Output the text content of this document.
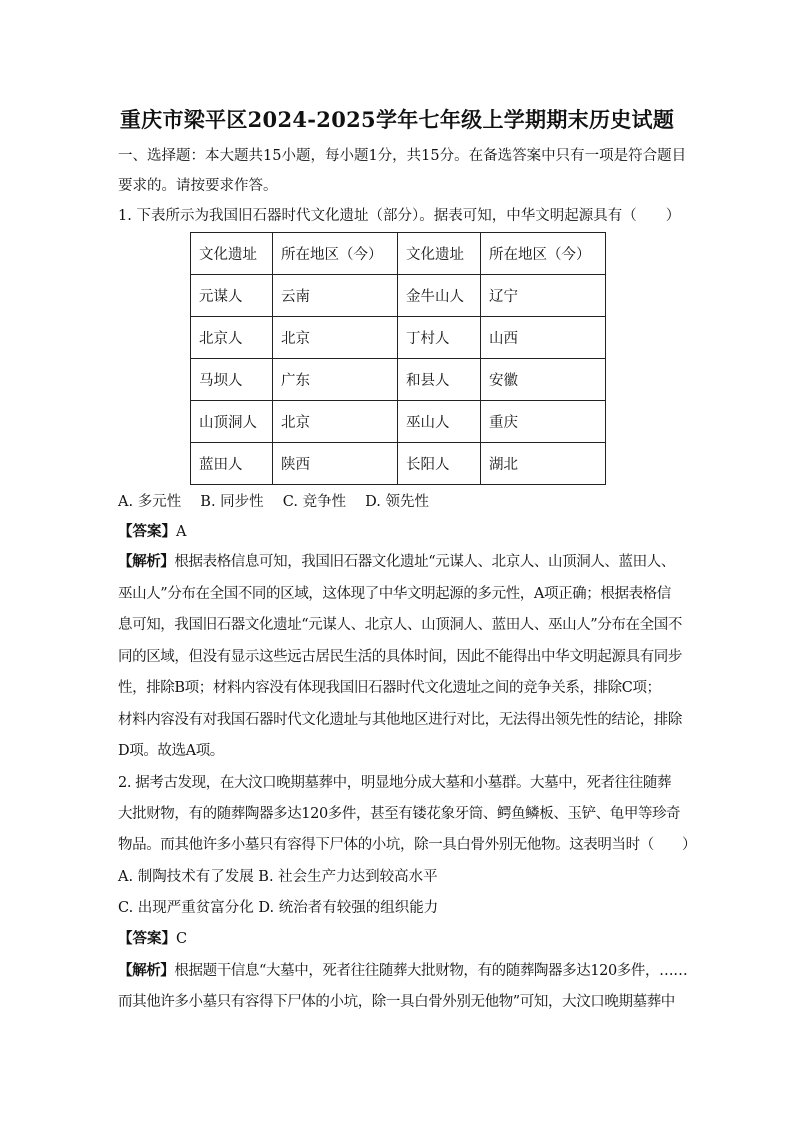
重庆市梁平区2024-2025学年七年级上学期期末历史试题
一、选择题：本大题共15小题，每小题1分，共15分。在备选答案中只有一项是符合题目
要求的。请按要求作答。
1. 下表所示为我国旧石器时代文化遗址（部分）。据表可知，中华文明起源具有（　　）
文化遗址	所在地区（今）	文化遗址	所在地区（今）
元谋人	云南	金牛山人	辽宁
北京人	北京	丁村人	山西
马坝人	广东	和县人	安徽
山顶洞人	北京	巫山人	重庆
蓝田人	陕西	长阳人	湖北
A. 多元性　 B. 同步性　 C. 竞争性　 D. 领先性
【答案】A
【解析】根据表格信息可知，我国旧石器文化遗址“元谋人、北京人、山顶洞人、蓝田人、
巫山人”分布在全国不同的区域，这体现了中华文明起源的多元性，A项正确；根据表格信
息可知，我国旧石器文化遗址“元谋人、北京人、山顶洞人、蓝田人、巫山人”分布在全国不
同的区域，但没有显示这些远古居民生活的具体时间，因此不能得出中华文明起源具有同步
性，排除B项；材料内容没有体现我国旧石器时代文化遗址之间的竞争关系，排除C项；
材料内容没有对我国石器时代文化遗址与其他地区进行对比，无法得出领先性的结论，排除
D项。故选A项。
2. 据考古发现，在大汶口晚期墓葬中，明显地分成大墓和小墓群。大墓中，死者往往随葬
大批财物，有的随葬陶器多达120多件，甚至有镂花象牙筒、鳄鱼鳞板、玉铲、龟甲等珍奇
物品。而其他许多小墓只有容得下尸体的小坑，除一具白骨外别无他物。这表明当时（　　）
A. 制陶技术有了发展 B. 社会生产力达到较高水平
C. 出现严重贫富分化 D. 统治者有较强的组织能力
【答案】C
【解析】根据题干信息“大墓中，死者往往随葬大批财物，有的随葬陶器多达120多件，……
而其他许多小墓只有容得下尸体的小坑，除一具白骨外别无他物”可知，大汶口晚期墓葬中
